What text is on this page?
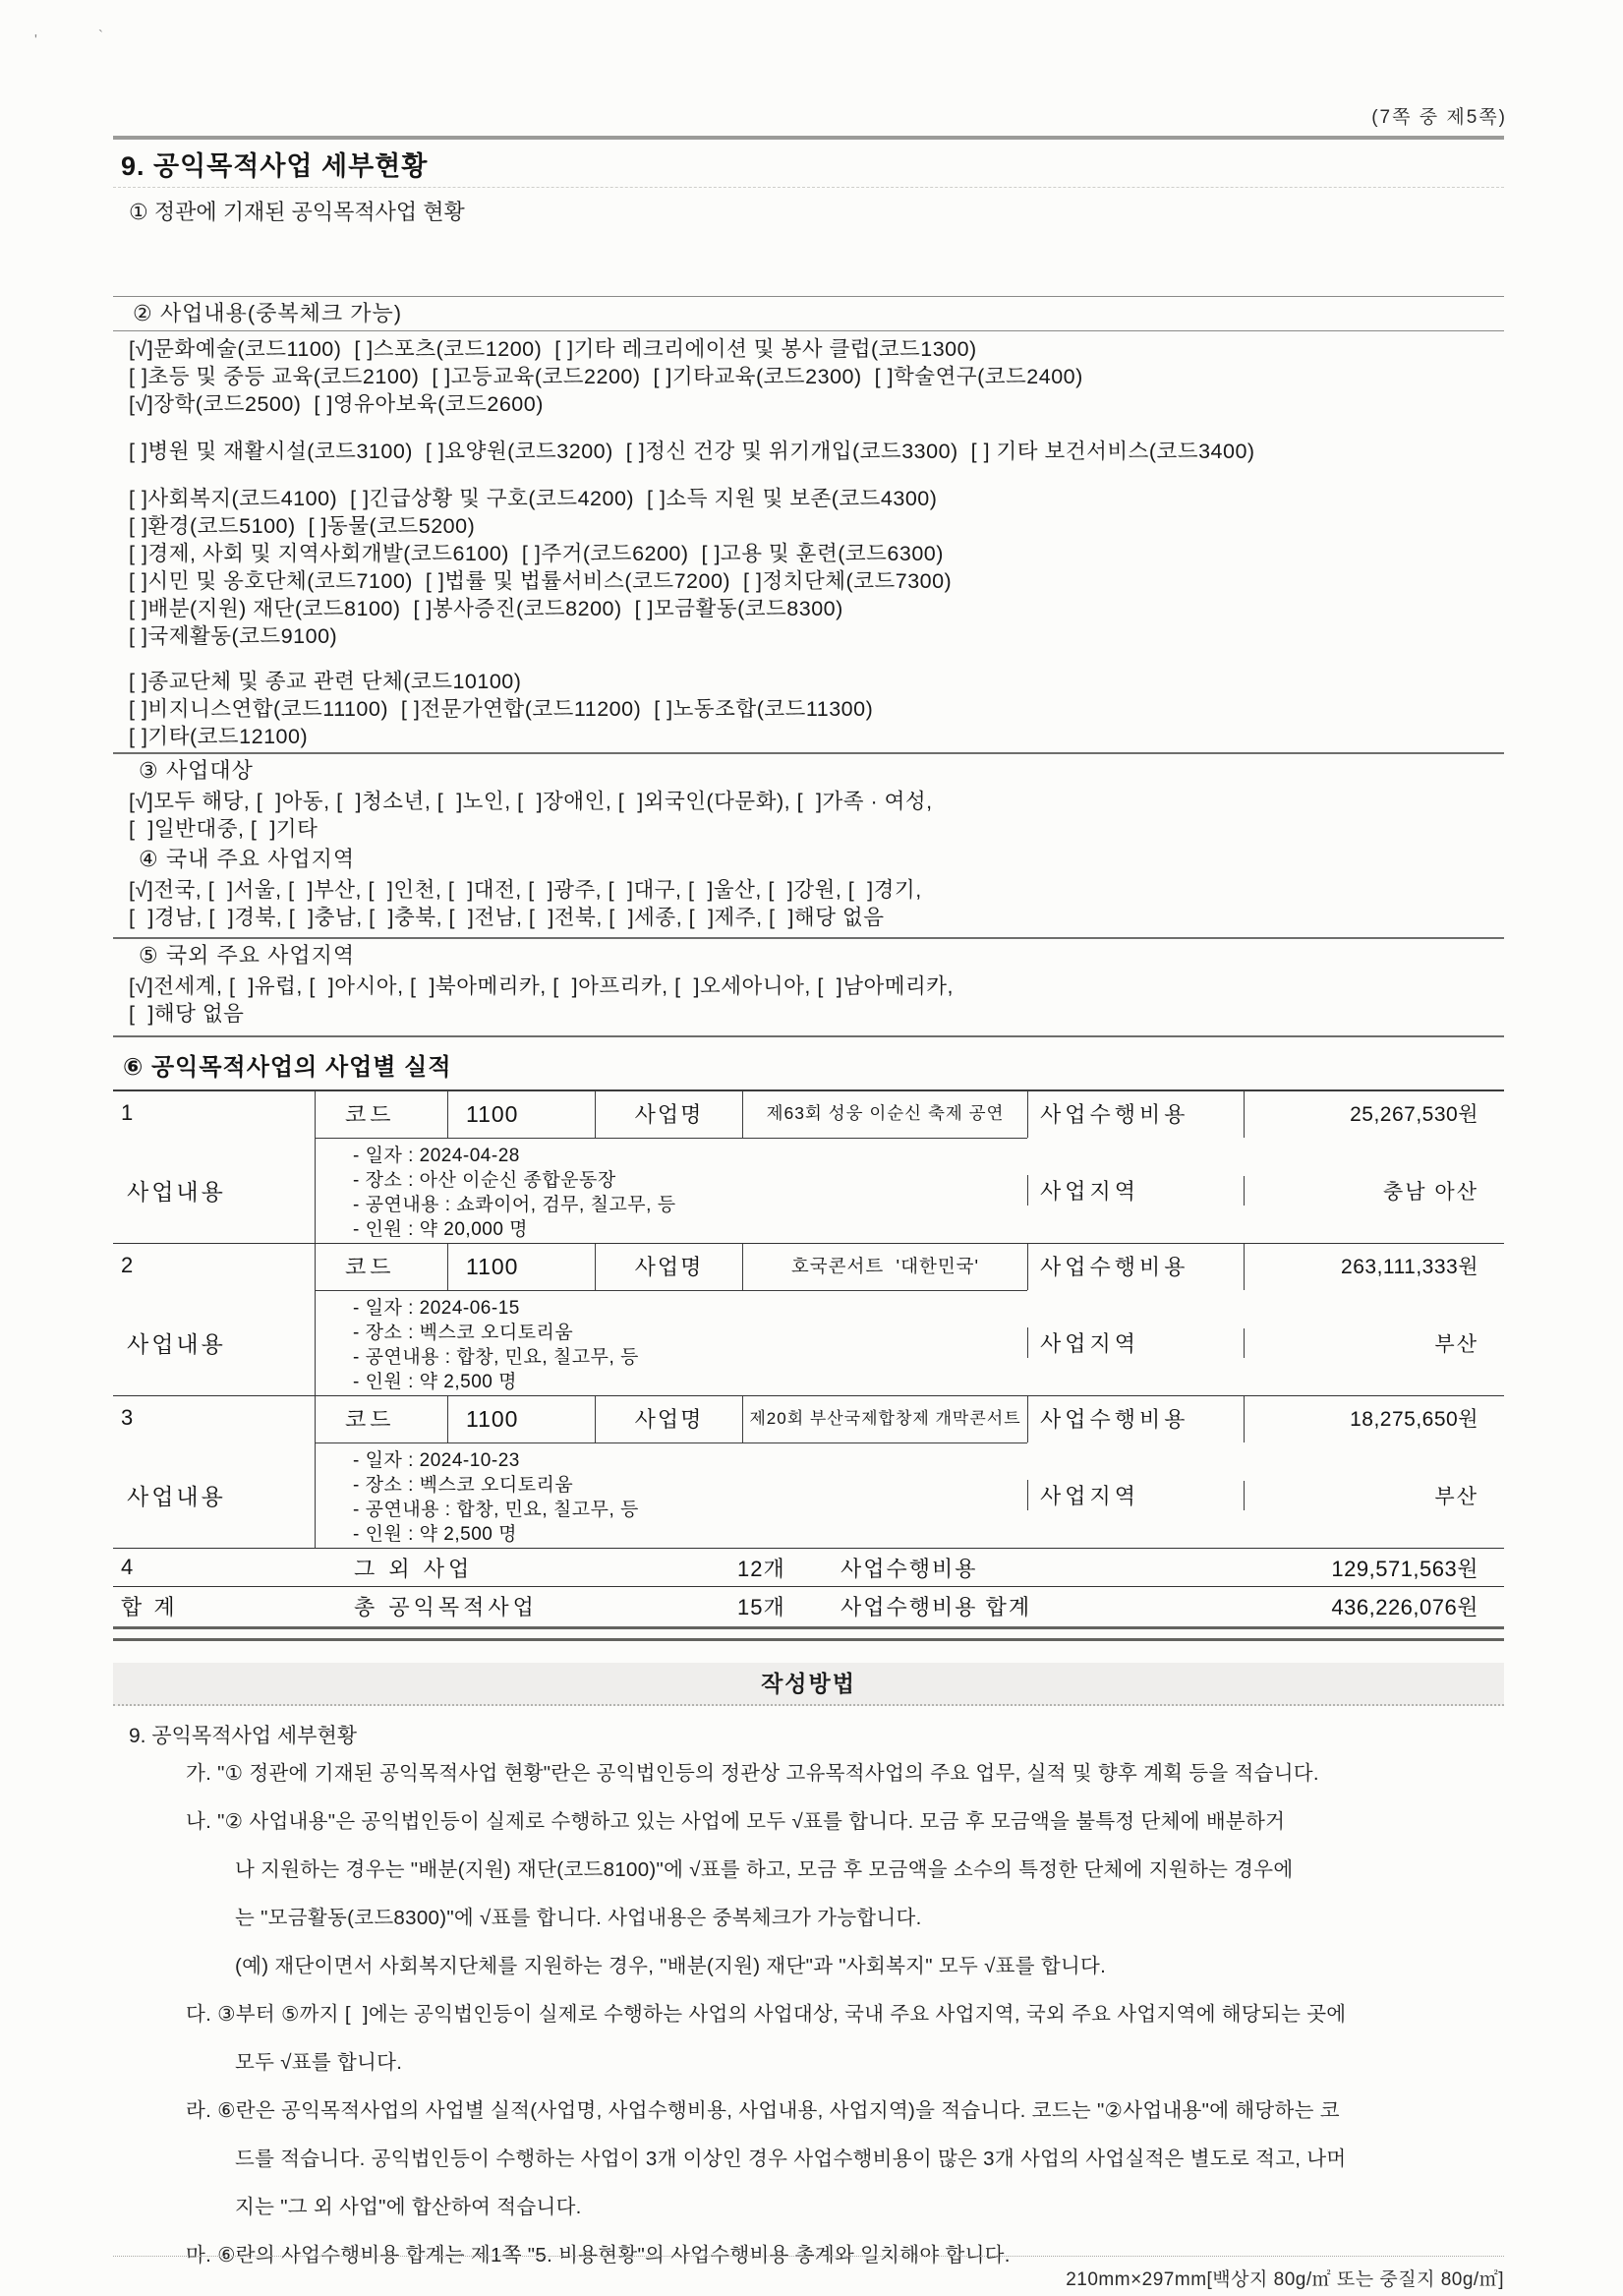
'	`
(7쪽 중 제5쪽)
9. 공익목적사업 세부현황
① 정관에 기재된 공익목적사업 현황
② 사업내용(중복체크 가능)
[√]문화예술(코드1100)  [ ]스포츠(코드1200)  [ ]기타 레크리에이션 및 봉사 클럽(코드1300)
[ ]초등 및 중등 교육(코드2100)  [ ]고등교육(코드2200)  [ ]기타교육(코드2300)  [ ]학술연구(코드2400)
[√]장학(코드2500)  [ ]영유아보육(코드2600)
[ ]병원 및 재활시설(코드3100)  [ ]요양원(코드3200)  [ ]정신 건강 및 위기개입(코드3300)  [ ] 기타 보건서비스(코드3400)
[ ]사회복지(코드4100)  [ ]긴급상황 및 구호(코드4200)  [ ]소득 지원 및 보존(코드4300)
[ ]환경(코드5100)  [ ]동물(코드5200)
[ ]경제, 사회 및 지역사회개발(코드6100)  [ ]주거(코드6200)  [ ]고용 및 훈련(코드6300)
[ ]시민 및 옹호단체(코드7100)  [ ]법률 및 법률서비스(코드7200)  [ ]정치단체(코드7300)
[ ]배분(지원) 재단(코드8100)  [ ]봉사증진(코드8200)  [ ]모금활동(코드8300)
[ ]국제활동(코드9100)
[ ]종교단체 및 종교 관련 단체(코드10100)
[ ]비지니스연합(코드11100)  [ ]전문가연합(코드11200)  [ ]노동조합(코드11300)
[ ]기타(코드12100)
③ 사업대상
[√]모두 해당, [  ]아동, [  ]청소년, [  ]노인, [  ]장애인, [  ]외국인(다문화), [  ]가족 · 여성,
[  ]일반대중, [  ]기타
④ 국내 주요 사업지역
[√]전국, [  ]서울, [  ]부산, [  ]인천, [  ]대전, [  ]광주, [  ]대구, [  ]울산, [  ]강원, [  ]경기,
[  ]경남, [  ]경북, [  ]충남, [  ]충북, [  ]전남, [  ]전북, [  ]세종, [  ]제주, [  ]해당 없음
⑤ 국외 주요 사업지역
[√]전세계, [  ]유럽, [  ]아시아, [  ]북아메리카, [  ]아프리카, [  ]오세아니아, [  ]남아메리카,
[  ]해당 없음
⑥ 공익목적사업의 사업별 실적
1	코드	1100	사업명	제63회 성웅 이순신 축제 공연	사업수행비용	25,267,530원
사업내용
- 일자 : 2024-04-28
- 장소 : 아산 이순신 종합운동장
- 공연내용 : 쇼콰이어, 검무, 칠고무, 등
- 인원 : 약 20,000 명
사업지역	충남 아산
2	코드	1100	사업명	호국콘서트  '대한민국'	사업수행비용	263,111,333원
사업내용
- 일자 : 2024-06-15
- 장소 : 벡스코 오디토리움
- 공연내용 : 합창, 민요, 칠고무, 등
- 인원 : 약 2,500 명
사업지역	부산
3	코드	1100	사업명	제20회 부산국제합창제 개막콘서트 사업수행비용	18,275,650원
사업내용
- 일자 : 2024-10-23
- 장소 : 벡스코 오디토리움
- 공연내용 : 합창, 민요, 칠고무, 등
- 인원 : 약 2,500 명
사업지역	부산
4	그 외 사업	12개	사업수행비용	129,571,563원
합 계	총 공익목적사업	15개	사업수행비용 합계	436,226,076원
작성방법
9. 공익목적사업 세부현황
가. "① 정관에 기재된 공익목적사업 현황"란은 공익법인등의 정관상 고유목적사업의 주요 업무, 실적 및 향후 계획 등을 적습니다.
나. "② 사업내용"은 공익법인등이 실제로 수행하고 있는 사업에 모두 √표를 합니다. 모금 후 모금액을 불특정 단체에 배분하거
나 지원하는 경우는 "배분(지원) 재단(코드8100)"에 √표를 하고, 모금 후 모금액을 소수의 특정한 단체에 지원하는 경우에
는 "모금활동(코드8300)"에 √표를 합니다. 사업내용은 중복체크가 가능합니다.
(예) 재단이면서 사회복지단체를 지원하는 경우, "배분(지원) 재단"과 "사회복지" 모두 √표를 합니다.
다. ③부터 ⑤까지 [  ]에는 공익법인등이 실제로 수행하는 사업의 사업대상, 국내 주요 사업지역, 국외 주요 사업지역에 해당되는 곳에
모두 √표를 합니다.
라. ⑥란은 공익목적사업의 사업별 실적(사업명, 사업수행비용, 사업내용, 사업지역)을 적습니다. 코드는 "②사업내용"에 해당하는 코
드를 적습니다. 공익법인등이 수행하는 사업이 3개 이상인 경우 사업수행비용이 많은 3개 사업의 사업실적은 별도로 적고, 나머
지는 "그 외 사업"에 합산하여 적습니다.
마. ⑥란의 사업수행비용 합계는 제1쪽 "5. 비용현황"의 사업수행비용 총계와 일치해야 합니다.
210mm×297mm[백상지 80g/㎡ 또는 중질지 80g/㎡]
